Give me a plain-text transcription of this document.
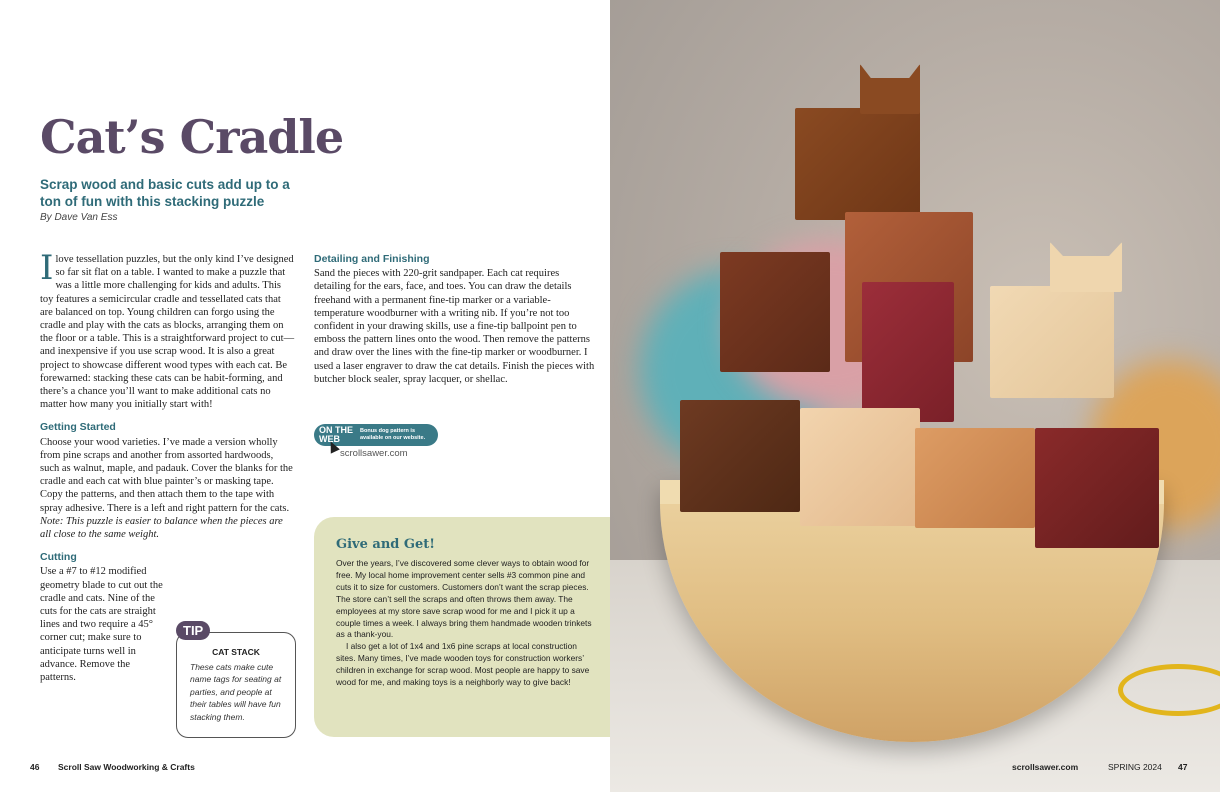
Cat’s Cradle
Scrap wood and basic cuts add up to a ton of fun with this stacking puzzle
By Dave Van Ess

Ilove tessellation puzzles, but the only kind I’ve designed so far sit flat on a table. I wanted to make a puzzle that was a little more challenging for kids and adults. This toy features a semicircular cradle and tessellated cats that are balanced on top. Young children can forgo using the cradle and play with the cats as blocks, arranging them on the floor or a table. This is a straightforward project to cut—and inexpensive if you use scrap wood. It is also a great project to showcase different wood types with each cat. Be forewarned: stacking these cats can be habit-forming, and there’s a chance you’ll want to make additional cats no matter how many you initially start with!

Getting Started

Choose your wood varieties. I’ve made a version wholly from pine scraps and another from assorted hardwoods, such as walnut, maple, and padauk. Cover the blanks for the cradle and each cat with blue painter’s or masking tape. Copy the patterns, and then attach them to the tape with spray adhesive. There is a left and right pattern for the cats. Note: This puzzle is easier to balance when the pieces are all close to the same weight.

Cutting

Use a #7 to #12 modified geometry blade to cut out the cradle and cats. Nine of the cuts for the cats are straight lines and two require a 45° corner cut; make sure to anticipate turns well in advance. Remove the patterns.

Detailing and Finishing

Sand the pieces with 220-grit sandpaper. Each cat requires detailing for the ears, face, and toes. You can draw the details freehand with a permanent fine-tip marker or a variable-temperature woodburner with a writing nib. If you’re not too confident in your drawing skills, use a fine-tip ballpoint pen to emboss the pattern lines onto the wood. Then remove the patterns and draw over the lines with the fine-tip marker or woodburner. I used a laser engraver to draw the cat details. Finish the pieces with butcher block sealer, spray lacquer, or shellac.

ON THE WEB
Bonus dog pattern is available on our website.
scrollsawer.com
CAT STACK
These cats make cute name tags for seating at parties, and people at their tables will have fun stacking them.
TIP
Give and Get!

Over the years, I’ve discovered some clever ways to obtain wood for free. My local home improvement center sells #3 common pine and cuts it to size for customers. Customers don’t want the scrap pieces. The store can’t sell the scraps and often throws them away. The employees at my store save scrap wood for me and I pick it up a couple times a week. I always bring them handmade wooden trinkets as a thank-you.

I also get a lot of 1x4 and 1x6 pine scraps at local construction sites. Many times, I’ve made wooden toys for construction workers’ children in exchange for scrap wood. Most people are happy to save wood for me, and making toys is a neighborly way to give back!

46 Scroll Saw Woodworking & Crafts	scrollsawer.com	SPRING 2024 47
